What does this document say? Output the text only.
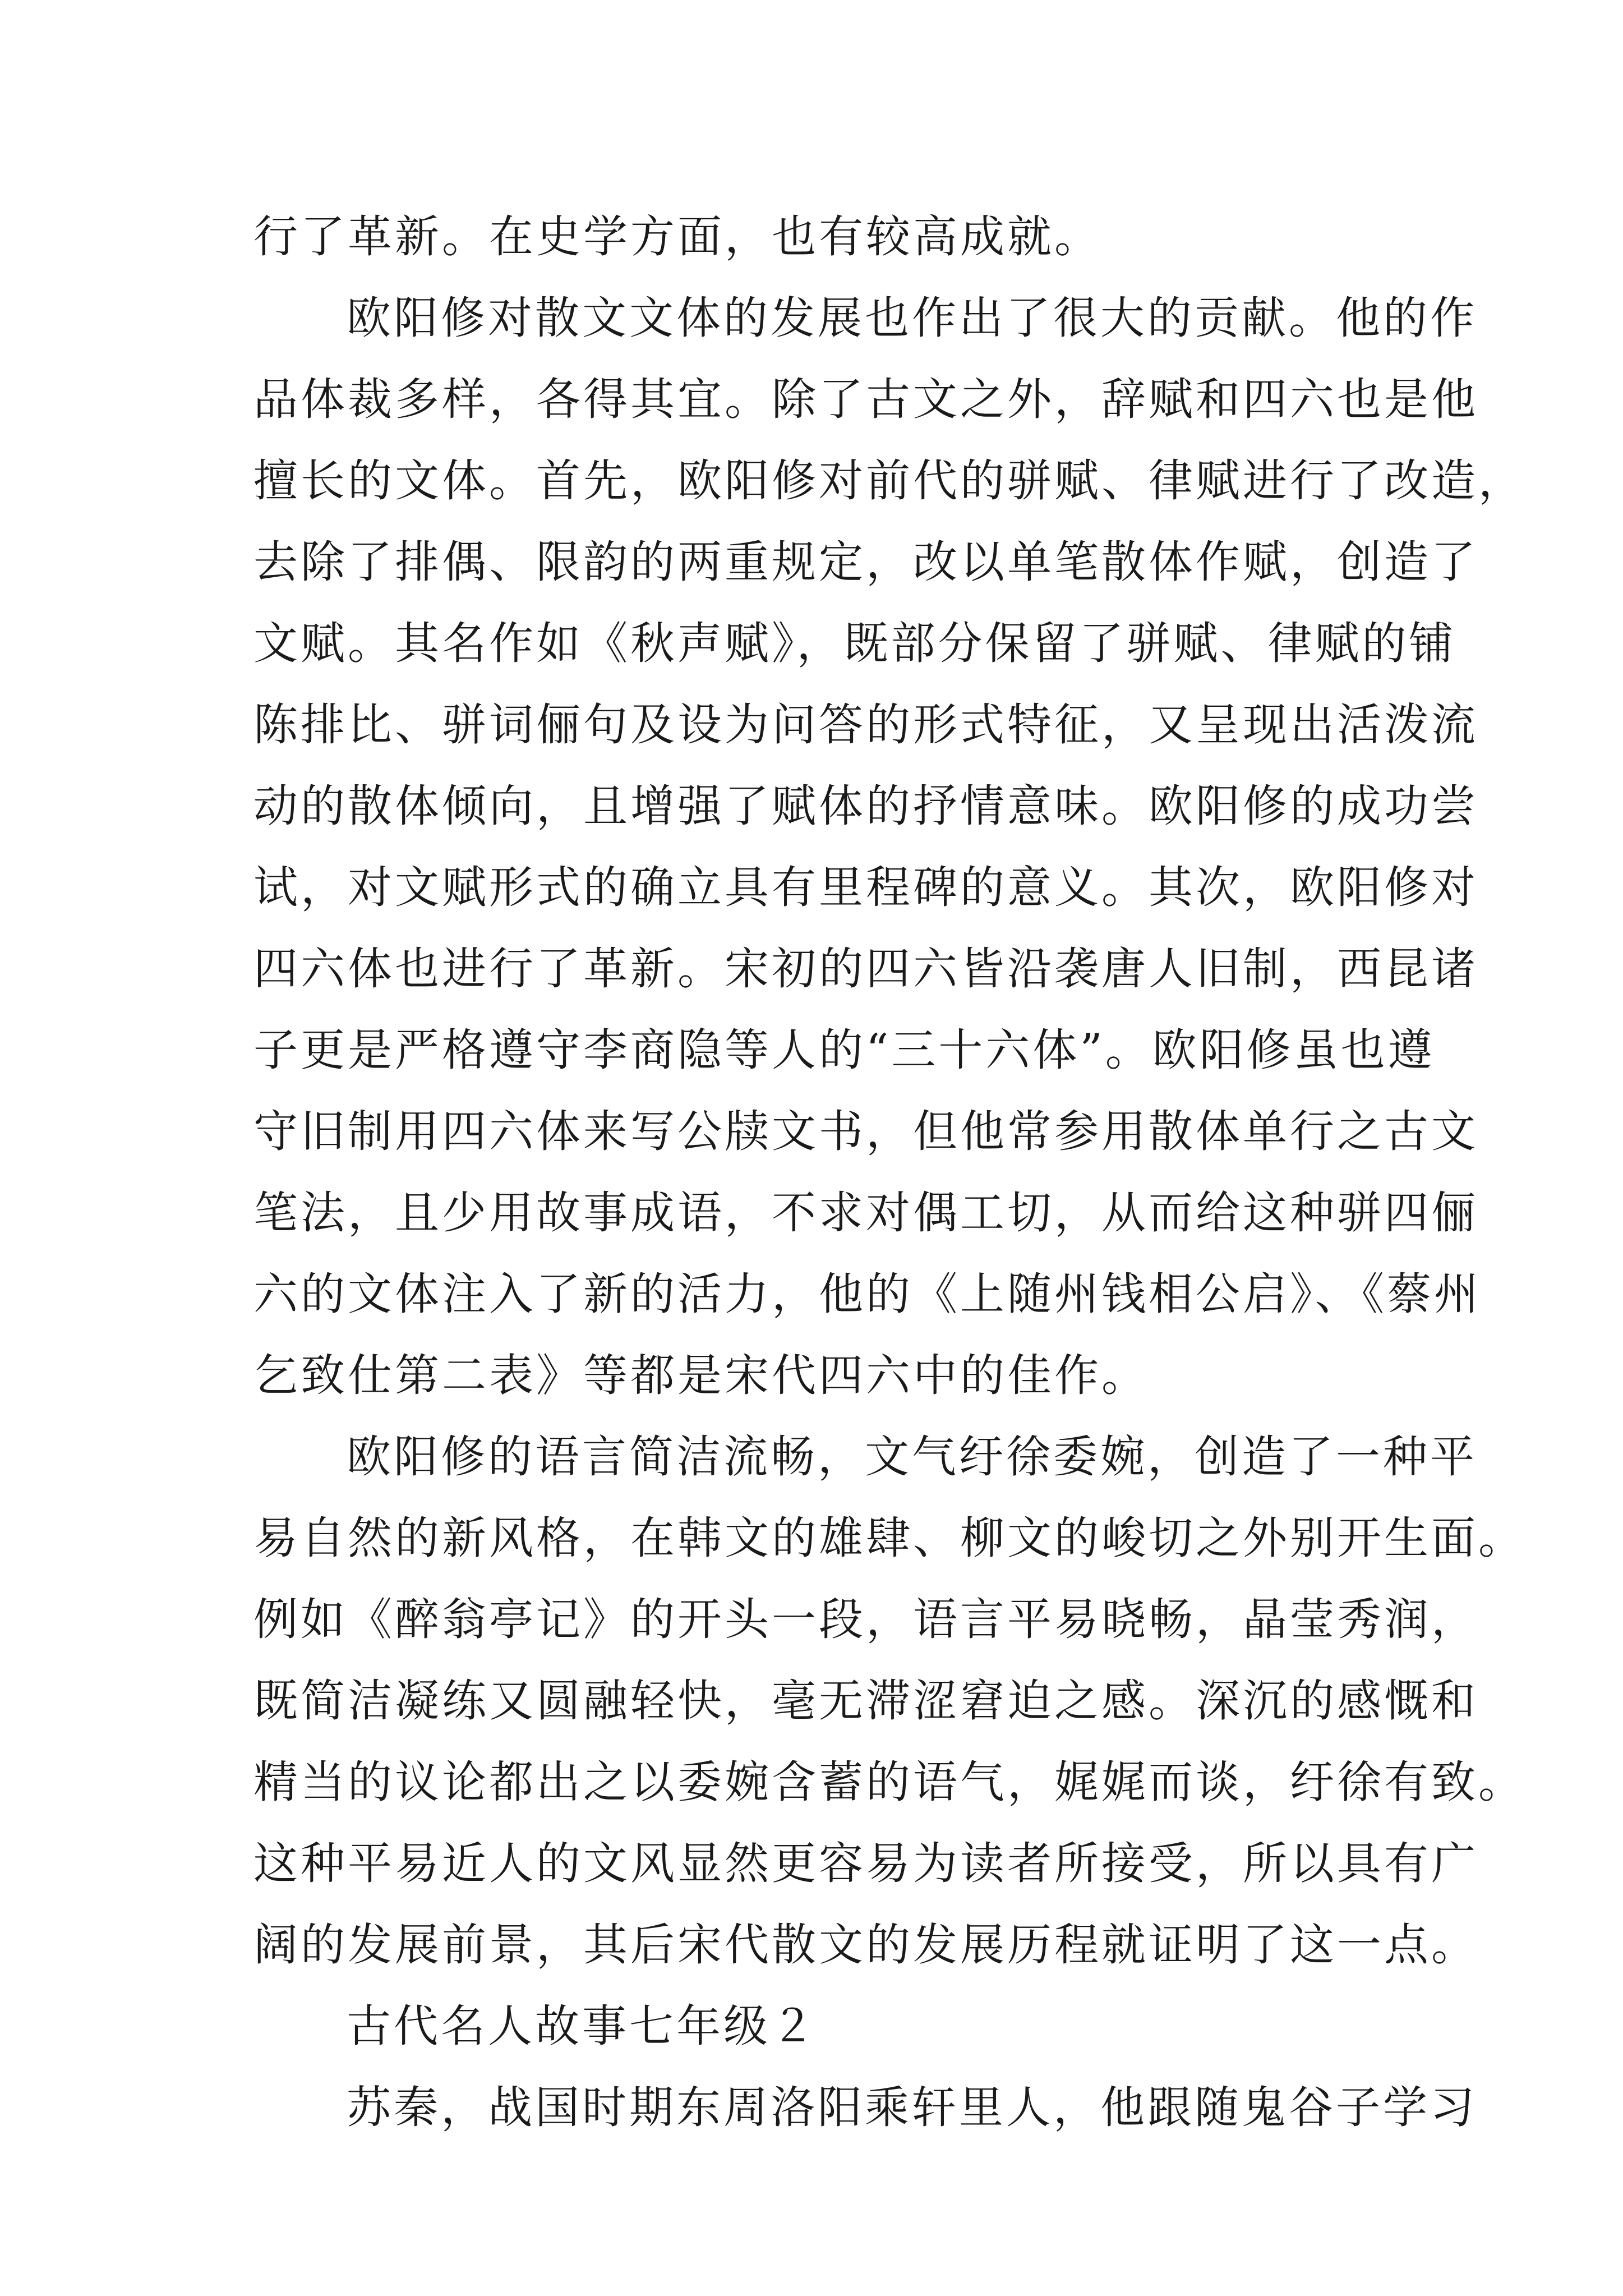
行了革新。在史学方面，也有较高成就。
欧阳修对散文文体的发展也作出了很大的贡献。他的作
品体裁多样，各得其宜。除了古文之外，辞赋和四六也是他
擅长的文体。首先，欧阳修对前代的骈赋、律赋进行了改造，
去除了排偶、限韵的两重规定，改以单笔散体作赋，创造了
文赋。其名作如《秋声赋》，既部分保留了骈赋、律赋的铺
陈排比、骈词俪句及设为问答的形式特征，又呈现出活泼流
动的散体倾向，且增强了赋体的抒情意味。欧阳修的成功尝
试，对文赋形式的确立具有里程碑的意义。其次，欧阳修对
四六体也进行了革新。宋初的四六皆沿袭唐人旧制，西昆诸
子更是严格遵守李商隐等人的“三十六体”。欧阳修虽也遵
守旧制用四六体来写公牍文书，但他常参用散体单行之古文
笔法，且少用故事成语，不求对偶工切，从而给这种骈四俪
六的文体注入了新的活力，他的《上随州钱相公启》、《蔡州
乞致仕第二表》等都是宋代四六中的佳作。
欧阳修的语言简洁流畅，文气纡徐委婉，创造了一种平
易自然的新风格，在韩文的雄肆、柳文的峻切之外别开生面。
例如《醉翁亭记》的开头一段，语言平易晓畅，晶莹秀润，
既简洁凝练又圆融轻快，毫无滞涩窘迫之感。深沉的感慨和
精当的议论都出之以委婉含蓄的语气，娓娓而谈，纡徐有致。
这种平易近人的文风显然更容易为读者所接受，所以具有广
阔的发展前景，其后宋代散文的发展历程就证明了这一点。
古代名人故事七年级２
苏秦，战国时期东周洛阳乘轩里人，他跟随鬼谷子学习
